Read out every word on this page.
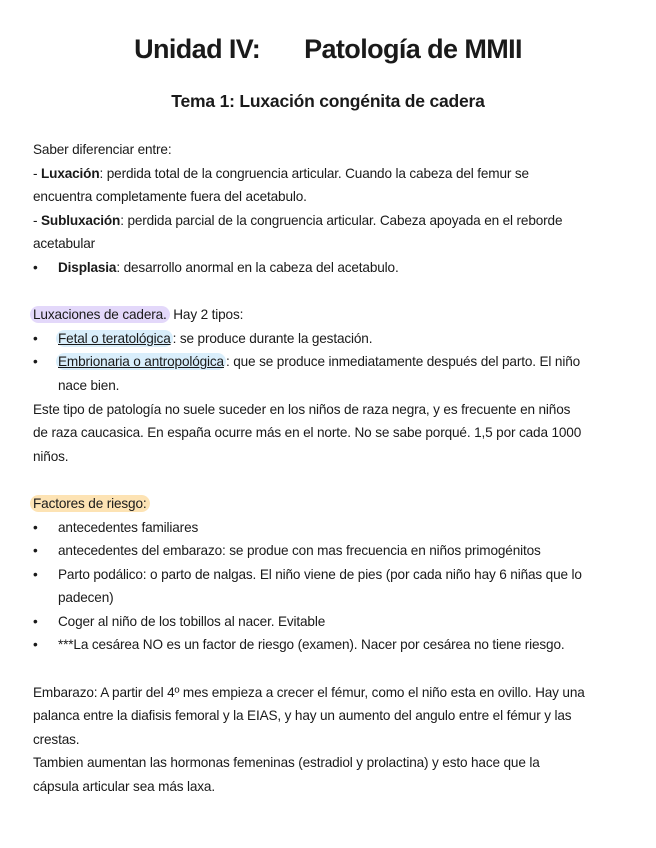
Unidad IV: Patología de MMII
Tema 1: Luxación congénita de cadera
Saber diferenciar entre:
- Luxación: perdida total de la congruencia articular. Cuando la cabeza del femur se
encuentra completamente fuera del acetabulo.
- Subluxación: perdida parcial de la congruencia articular. Cabeza apoyada en el reborde
acetabular
• Displasia: desarrollo anormal en la cabeza del acetabulo.
Luxaciones de cadera. Hay 2 tipos:
• Fetal o teratológica : se produce durante la gestación.
• Embrionaria o antropológica : que se produce inmediatamente después del parto. El niño
nace bien.
Este tipo de patología no suele suceder en los niños de raza negra, y es frecuente en niños
de raza caucasica. En españa ocurre más en el norte. No se sabe porqué. 1,5 por cada 1000
niños.
Factores de riesgo:
• antecedentes familiares
• antecedentes del embarazo: se produe con mas frecuencia en niños primogénitos
• Parto podálico: o parto de nalgas. El niño viene de pies (por cada niño hay 6 niñas que lo
padecen)
• Coger al niño de los tobillos al nacer. Evitable
• ***La cesárea NO es un factor de riesgo (examen). Nacer por cesárea no tiene riesgo.
Embarazo: A partir del 4º mes empieza a crecer el fémur, como el niño esta en ovillo. Hay una
palanca entre la diafisis femoral y la EIAS, y hay un aumento del angulo entre el fémur y las
crestas.
Tambien aumentan las hormonas femeninas (estradiol y prolactina) y esto hace que la
cápsula articular sea más laxa.
